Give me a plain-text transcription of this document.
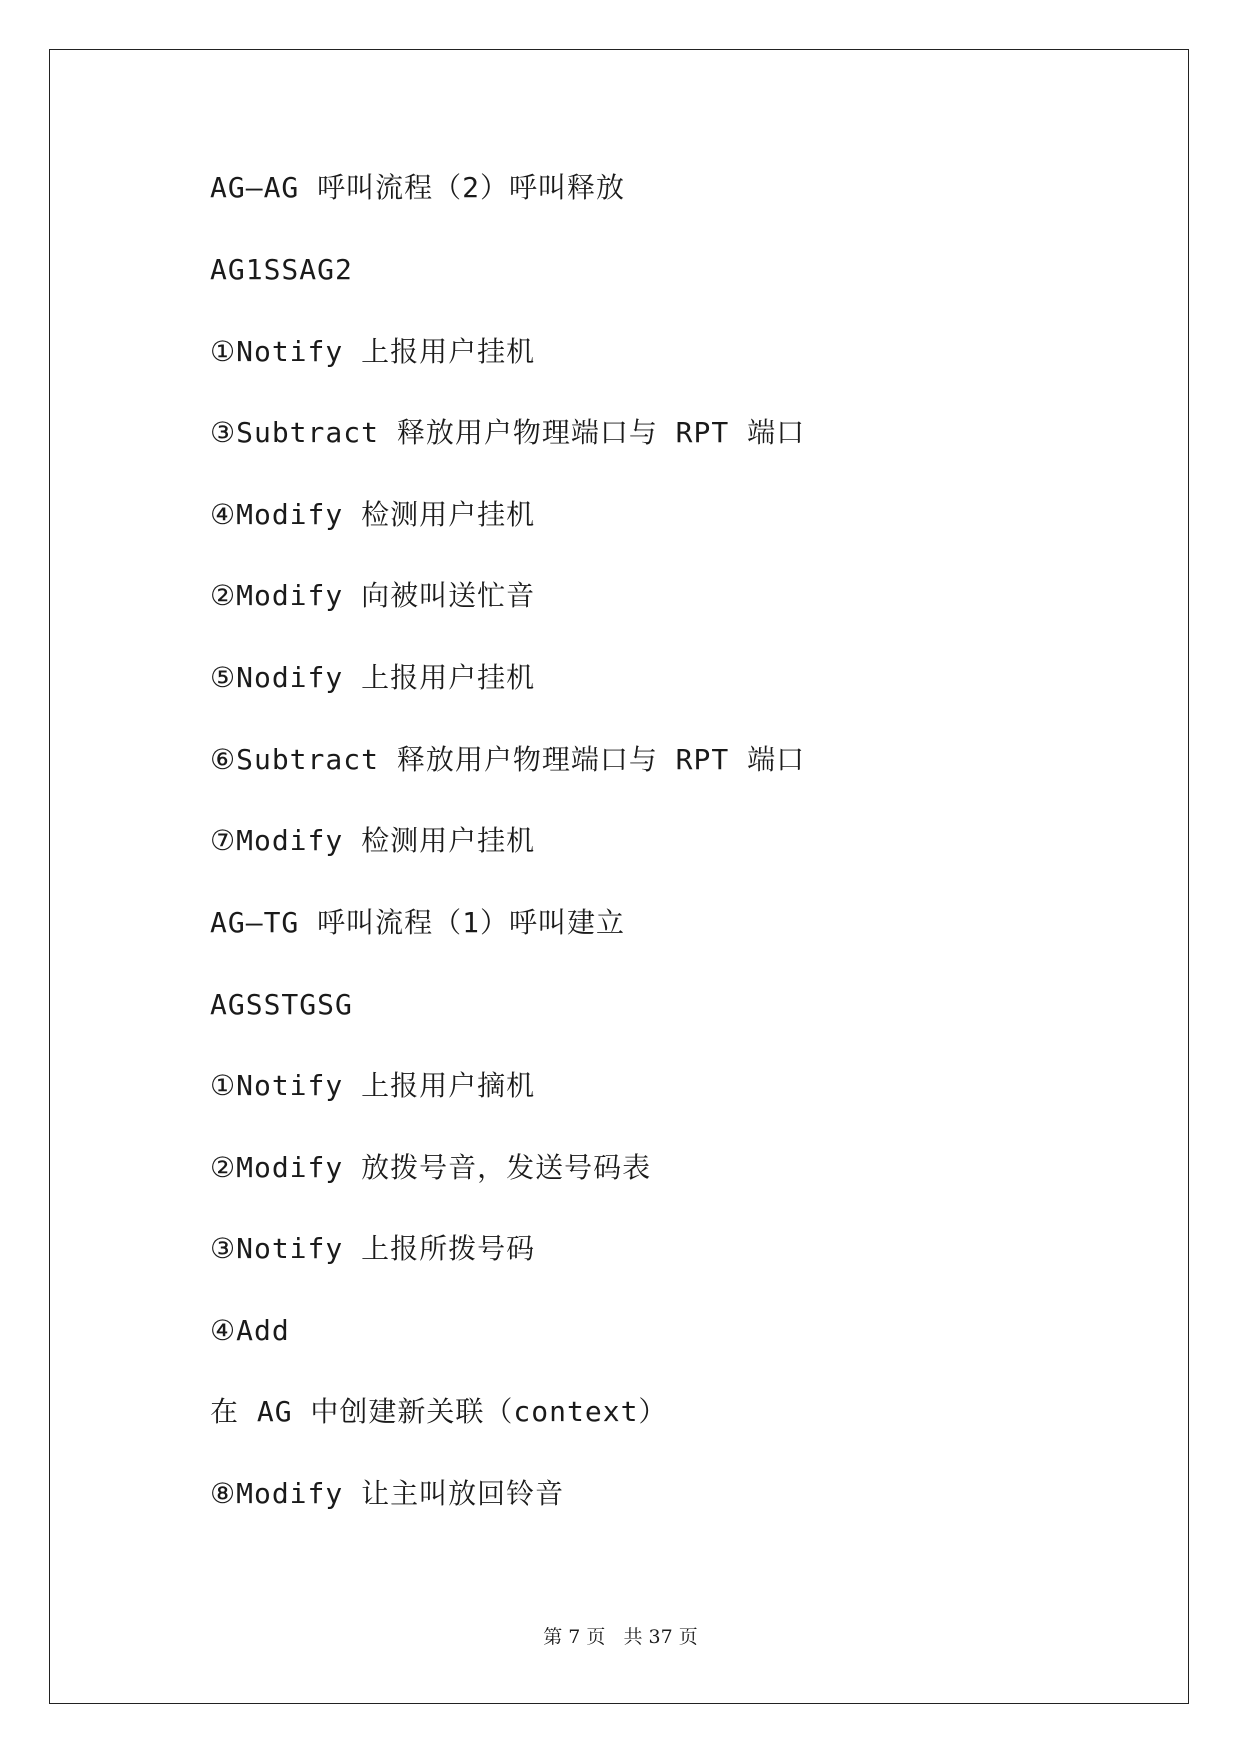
AG—AG 呼叫流程（2）呼叫释放
AG1SSAG2
①Notify 上报用户挂机
③Subtract 释放用户物理端口与 RPT 端口
④Modify 检测用户挂机
②Modify 向被叫送忙音
⑤Nodify 上报用户挂机
⑥Subtract 释放用户物理端口与 RPT 端口
⑦Modify 检测用户挂机
AG—TG 呼叫流程（1）呼叫建立
AGSSTGSG
①Notify 上报用户摘机
②Modify 放拨号音，发送号码表
③Notify 上报所拨号码
④Add
在 AG 中创建新关联（context）
⑧Modify 让主叫放回铃音
第 7 页 共 37 页
